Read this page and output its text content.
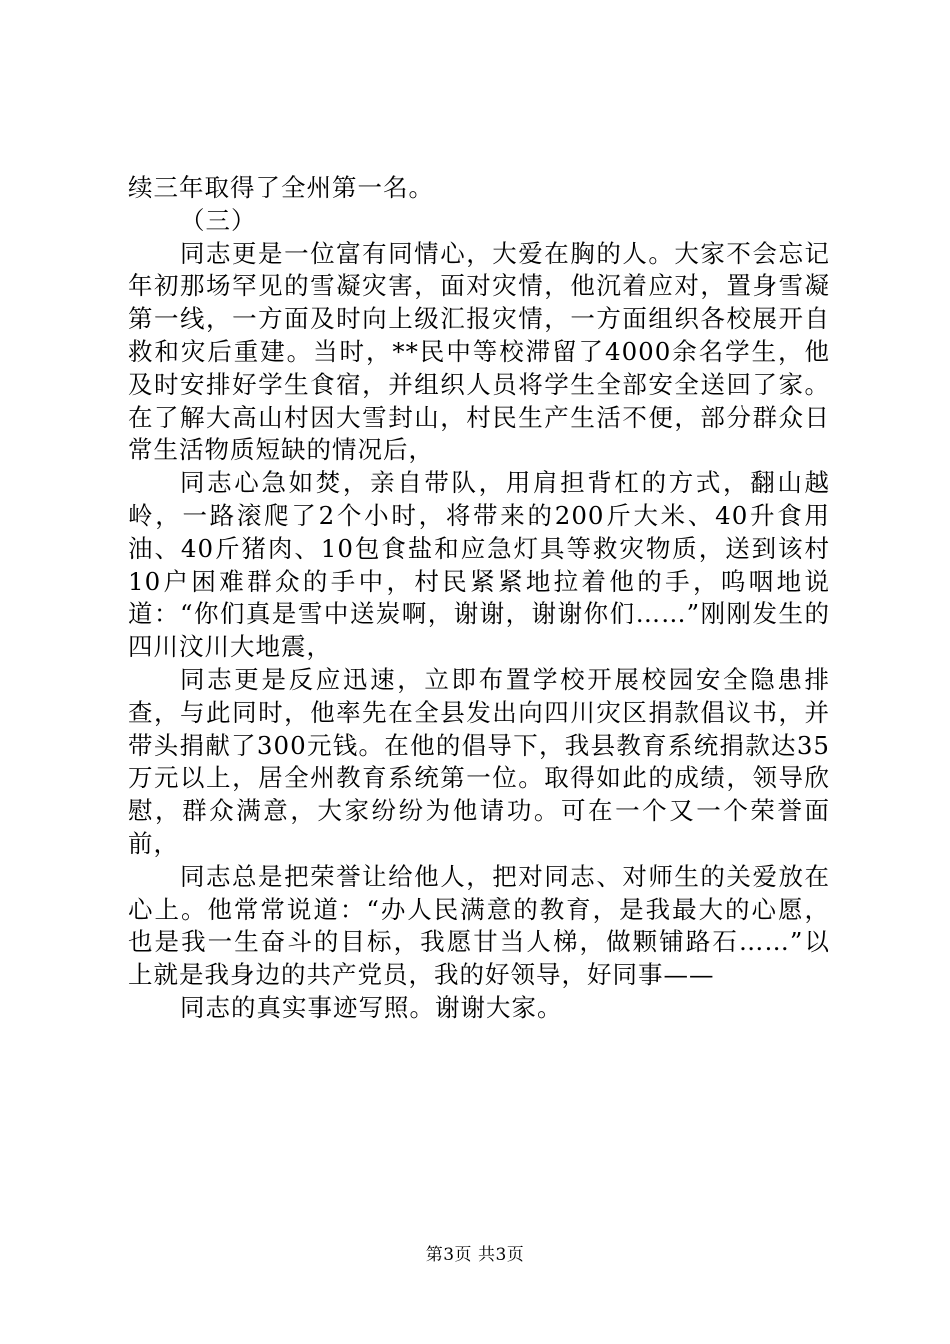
续三年取得了全州第一名。

（三）

同志更是一位富有同情心，大爱在胸的人。大家不会忘记年初那场罕见的雪凝灾害，面对灾情，他沉着应对，置身雪凝第一线，一方面及时向上级汇报灾情，一方面组织各校展开自救和灾后重建。当时，**民中等校滞留了4000余名学生，他及时安排好学生食宿，并组织人员将学生全部安全送回了家。在了解大高山村因大雪封山，村民生产生活不便，部分群众日常生活物质短缺的情况后，

同志心急如焚，亲自带队，用肩担背杠的方式，翻山越岭，一路滚爬了2个小时，将带来的200斤大米、40升食用油、40斤猪肉、10包食盐和应急灯具等救灾物质，送到该村10户困难群众的手中，村民紧紧地拉着他的手，呜咽地说道：“你们真是雪中送炭啊，谢谢，谢谢你们……”刚刚发生的四川汶川大地震，

同志更是反应迅速，立即布置学校开展校园安全隐患排查，与此同时，他率先在全县发出向四川灾区捐款倡议书，并带头捐献了300元钱。在他的倡导下，我县教育系统捐款达35万元以上，居全州教育系统第一位。取得如此的成绩，领导欣慰，群众满意，大家纷纷为他请功。可在一个又一个荣誉面前，

同志总是把荣誉让给他人，把对同志、对师生的关爱放在心上。他常常说道：“办人民满意的教育，是我最大的心愿，也是我一生奋斗的目标，我愿甘当人梯，做颗铺路石……”以上就是我身边的共产党员，我的好领导，好同事——

同志的真实事迹写照。谢谢大家。

第3页 共3页
